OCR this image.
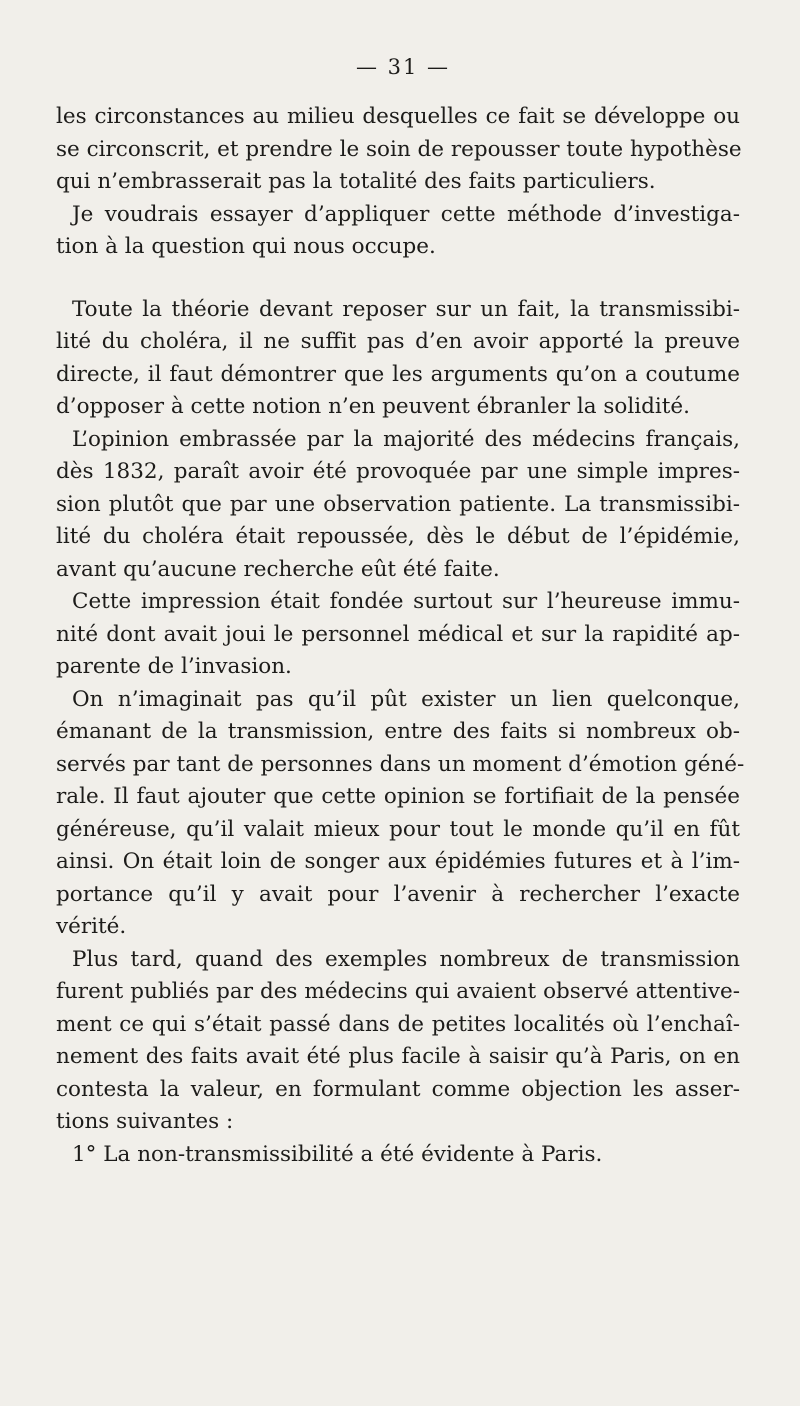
— 31 —

les circonstances au milieu desquelles ce fait se développe ou

se circonscrit, et prendre le soin de repousser toute hypothèse

qui n’embrasserait pas la totalité des faits particuliers.

Je voudrais essayer d’appliquer cette méthode d’investiga-

tion à la question qui nous occupe.

Toute la théorie devant reposer sur un fait, la transmissibi-

lité du choléra, il ne suffit pas d’en avoir apporté la preuve

directe, il faut démontrer que les arguments qu’on a coutume

d’opposer à cette notion n’en peuvent ébranler la solidité.

L’opinion embrassée par la majorité des médecins français,

dès 1832, paraît avoir été provoquée par une simple impres-

sion plutôt que par une observation patiente. La transmissibi-

lité du choléra était repoussée, dès le début de l’épidémie,

avant qu’aucune recherche eût été faite.

Cette impression était fondée surtout sur l’heureuse immu-

nité dont avait joui le personnel médical et sur la rapidité ap-

parente de l’invasion.

On n’imaginait pas qu’il pût exister un lien quelconque,

émanant de la transmission, entre des faits si nombreux ob-

servés par tant de personnes dans un moment d’émotion géné-

rale. Il faut ajouter que cette opinion se fortifiait de la pensée

généreuse, qu’il valait mieux pour tout le monde qu’il en fût

ainsi. On était loin de songer aux épidémies futures et à l’im-

portance qu’il y avait pour l’avenir à rechercher l’exacte

vérité.

Plus tard, quand des exemples nombreux de transmission

furent publiés par des médecins qui avaient observé attentive-

ment ce qui s’était passé dans de petites localités où l’enchaî-

nement des faits avait été plus facile à saisir qu’à Paris, on en

contesta la valeur, en formulant comme objection les asser-

tions suivantes :

1° La non-transmissibilité a été évidente à Paris.
